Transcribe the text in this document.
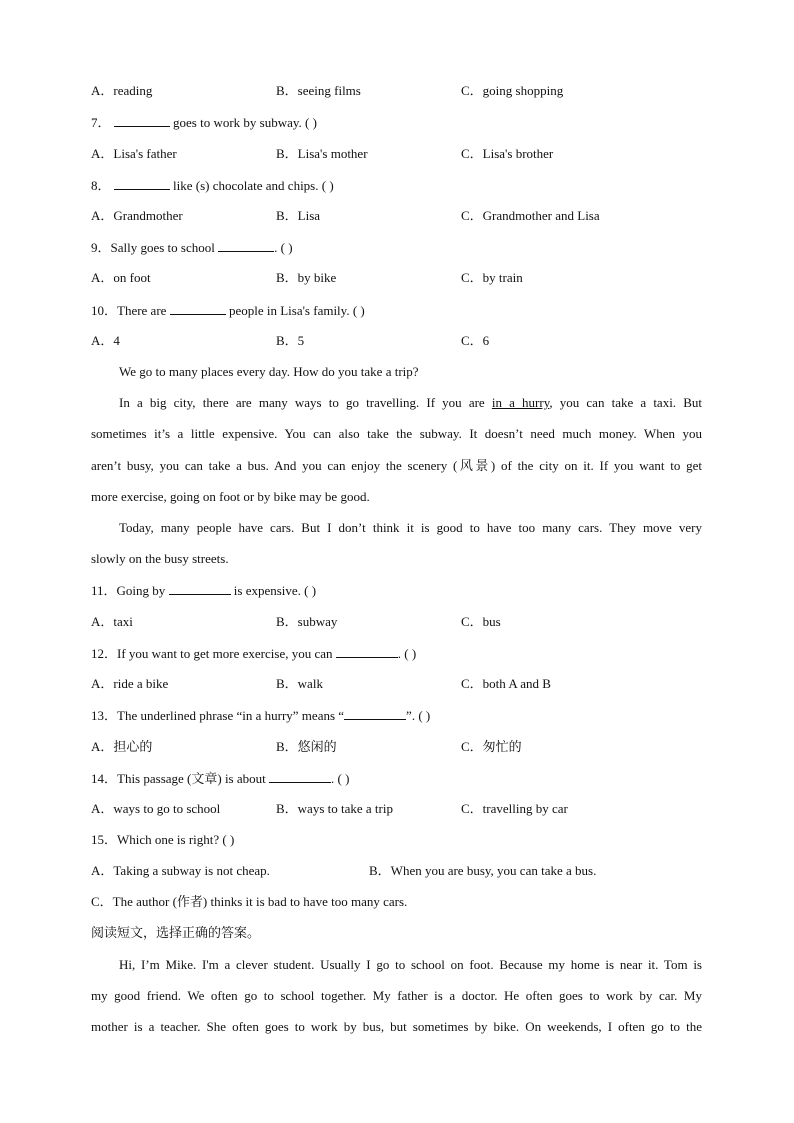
A．reading	B．seeing films	C．going shopping
7．	goes to work by subway. ( )
A．Lisa's father	B．Lisa's mother	C．Lisa's brother
8．	like (s) chocolate and chips. ( )
A．Grandmother	B．Lisa	C．Grandmother and Lisa
9．Sally goes to school	. ( )
A．on foot	B．by bike	C．by train
10．There are	people in Lisa's family. ( )
A．4	B．5	C．6
We go to many places every day. How do you take a trip?
In a big city, there are many ways to go travelling. If you are in a hurry, you can take a taxi. But
sometimes it’s a little expensive. You can also take the subway. It doesn’t need much money. When you
aren’t busy, you can take a bus. And you can enjoy the scenery (风景) of the city on it. If you want to get
more exercise, going on foot or by bike may be good.
Today, many people have cars. But I don’t think it is good to have too many cars. They move very
slowly on the busy streets.
11．Going by	is expensive. ( )
A．taxi	B．subway	C．bus
12．If you want to get more exercise, you can	. ( )
A．ride a bike	B．walk	C．both A and B
13．The underlined phrase “in a hurry” means “	”. ( )
A．担心的	B．悠闲的	C．匆忙的
14．This passage (文章) is about	. ( )
A．ways to go to school	B．ways to take a trip	C．travelling by car
15．Which one is right? ( )
A．Taking a subway is not cheap.	B．When you are busy, you can take a bus.
C．The author (作者) thinks it is bad to have too many cars.
阅读短文，选择正确的答案。
Hi, I’m Mike. I'm a clever student. Usually I go to school on foot. Because my home is near it. Tom is
my good friend. We often go to school together. My father is a doctor. He often goes to work by car. My
mother is a teacher. She often goes to work by bus, but sometimes by bike. On weekends, I often go to the
